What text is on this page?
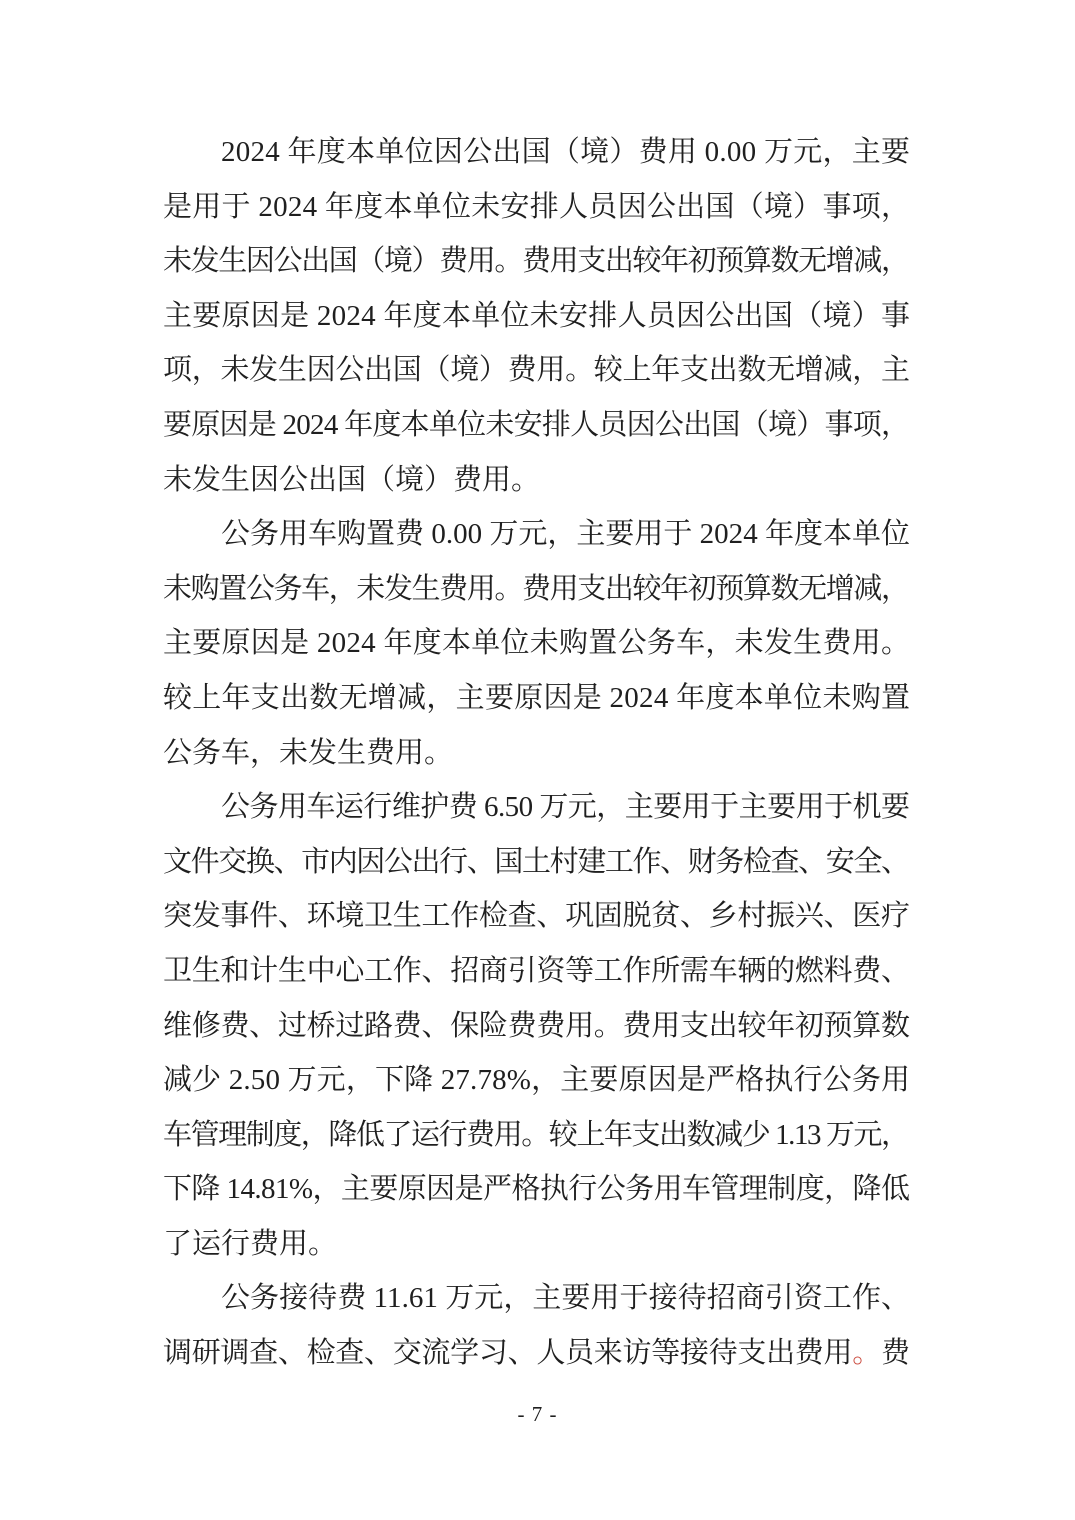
2024 年度本单位因公出国（境）费用 0.00 万元，主要
是用于 2024 年度本单位未安排人员因公出国（境）事项，
未发生因公出国（境）费用。费用支出较年初预算数无增减，
主要原因是 2024 年度本单位未安排人员因公出国（境）事
项，未发生因公出国（境）费用。较上年支出数无增减，主
要原因是 2024 年度本单位未安排人员因公出国（境）事项，
未发生因公出国（境）费用。
公务用车购置费 0.00 万元，主要用于 2024 年度本单位
未购置公务车，未发生费用。费用支出较年初预算数无增减，
主要原因是 2024 年度本单位未购置公务车，未发生费用。
较上年支出数无增减，主要原因是 2024 年度本单位未购置
公务车，未发生费用。
公务用车运行维护费 6.50 万元，主要用于主要用于机要
文件交换、市内因公出行、国土村建工作、财务检查、安全、
突发事件、环境卫生工作检查、巩固脱贫、乡村振兴、医疗
卫生和计生中心工作、招商引资等工作所需车辆的燃料费、
维修费、过桥过路费、保险费费用。费用支出较年初预算数
减少 2.50 万元，下降 27.78%，主要原因是严格执行公务用
车管理制度，降低了运行费用。较上年支出数减少 1.13 万元，
下降 14.81%，主要原因是严格执行公务用车管理制度，降低
了运行费用。
公务接待费 11.61 万元，主要用于接待招商引资工作、
调研调查、检查、交流学习、人员来访等接待支出费用。费
- 7 -
